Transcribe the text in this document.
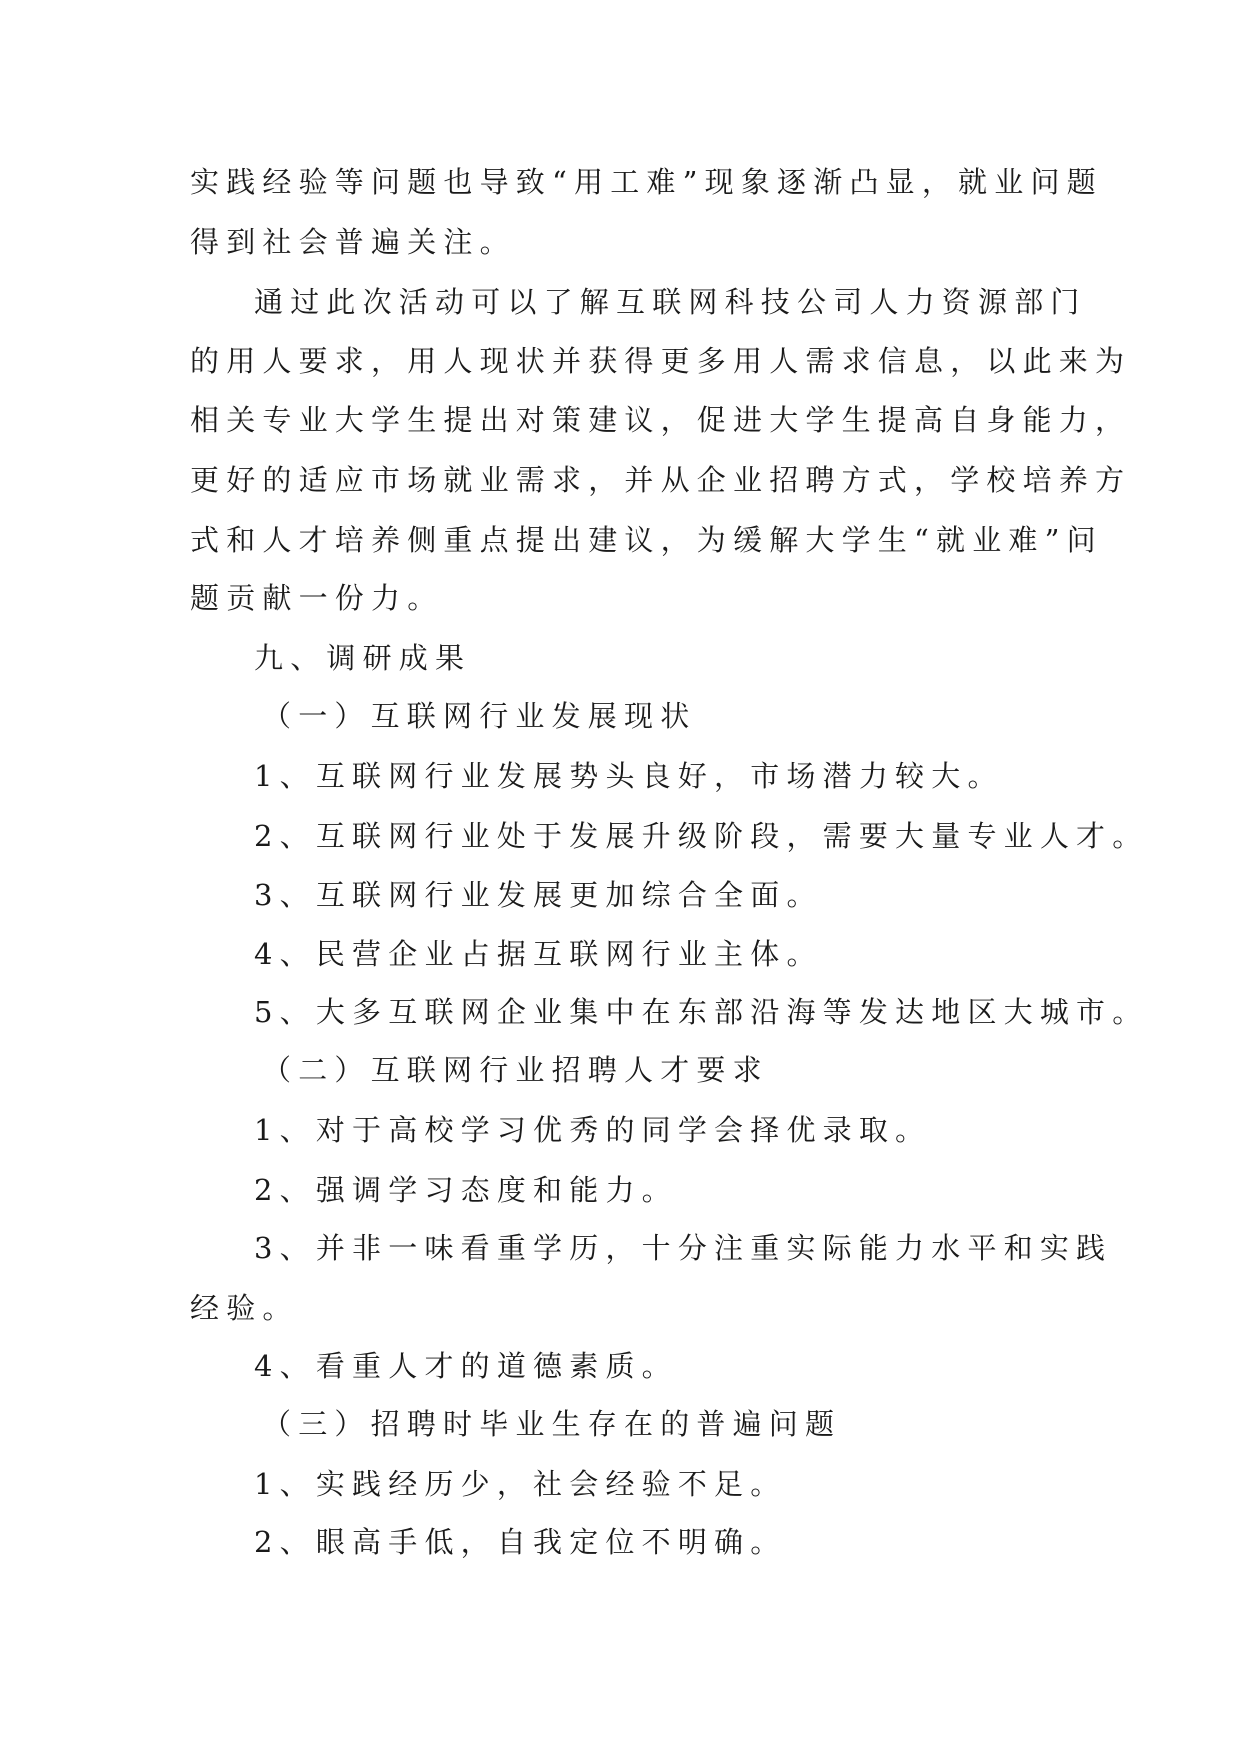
实践经验等问题也导致“用工难”现象逐渐凸显，就业问题
得到社会普遍关注。
通过此次活动可以了解互联网科技公司人力资源部门
的用人要求，用人现状并获得更多用人需求信息，以此来为
相关专业大学生提出对策建议，促进大学生提高自身能力，
更好的适应市场就业需求，并从企业招聘方式，学校培养方
式和人才培养侧重点提出建议，为缓解大学生“就业难”问
题贡献一份力。
九、调研成果
（一）互联网行业发展现状
1、互联网行业发展势头良好，市场潜力较大。
2、互联网行业处于发展升级阶段，需要大量专业人才。
3、互联网行业发展更加综合全面。
4、民营企业占据互联网行业主体。
5、大多互联网企业集中在东部沿海等发达地区大城市。
（二）互联网行业招聘人才要求
1、对于高校学习优秀的同学会择优录取。
2、强调学习态度和能力。
3、并非一味看重学历，十分注重实际能力水平和实践
经验。
4、看重人才的道德素质。
（三）招聘时毕业生存在的普遍问题
1、实践经历少，社会经验不足。
2、眼高手低，自我定位不明确。
